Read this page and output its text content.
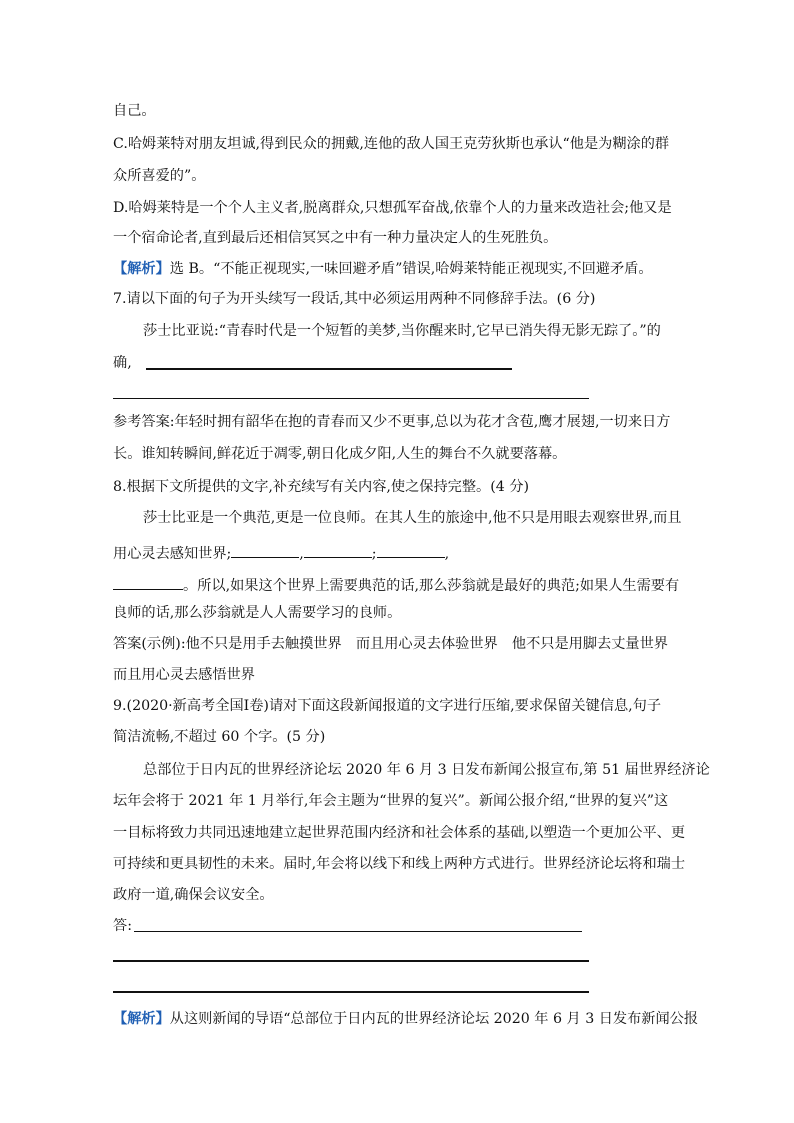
自己。
C.哈姆莱特对朋友坦诚,得到民众的拥戴,连他的敌人国王克劳狄斯也承认“他是为糊涂的群
众所喜爱的”。
D.哈姆莱特是一个个人主义者,脱离群众,只想孤军奋战,依靠个人的力量来改造社会;他又是
一个宿命论者,直到最后还相信冥冥之中有一种力量决定人的生死胜负。
【解析】选 B。“不能正视现实,一味回避矛盾”错误,哈姆莱特能正视现实,不回避矛盾。
7.请以下面的句子为开头续写一段话,其中必须运用两种不同修辞手法。(6 分)
莎士比亚说:“青春时代是一个短暂的美梦,当你醒来时,它早已消失得无影无踪了。”的
确,
参考答案:年轻时拥有韶华在抱的青春而又少不更事,总以为花才含苞,鹰才展翅,一切来日方
长。谁知转瞬间,鲜花近于凋零,朝日化成夕阳,人生的舞台不久就要落幕。
8.根据下文所提供的文字,补充续写有关内容,使之保持完整。(4 分)
莎士比亚是一个典范,更是一位良师。在其人生的旅途中,他不只是用眼去观察世界,而且
用心灵去感知世界;	,	;	,
。所以,如果这个世界上需要典范的话,那么莎翁就是最好的典范;如果人生需要有
良师的话,那么莎翁就是人人需要学习的良师。
答案(示例):他不只是用手去触摸世界　而且用心灵去体验世界　他不只是用脚去丈量世界
而且用心灵去感悟世界
9.(2020·新高考全国Ⅰ卷)请对下面这段新闻报道的文字进行压缩,要求保留关键信息,句子
简洁流畅,不超过 60 个字。(5 分)
总部位于日内瓦的世界经济论坛 2020 年 6 月 3 日发布新闻公报宣布,第 51 届世界经济论
坛年会将于 2021 年 1 月举行,年会主题为“世界的复兴”。新闻公报介绍,“世界的复兴”这
一目标将致力共同迅速地建立起世界范围内经济和社会体系的基础,以塑造一个更加公平、更
可持续和更具韧性的未来。届时,年会将以线下和线上两种方式进行。世界经济论坛将和瑞士
政府一道,确保会议安全。
答:
【解析】从这则新闻的导语“总部位于日内瓦的世界经济论坛 2020 年 6 月 3 日发布新闻公报
